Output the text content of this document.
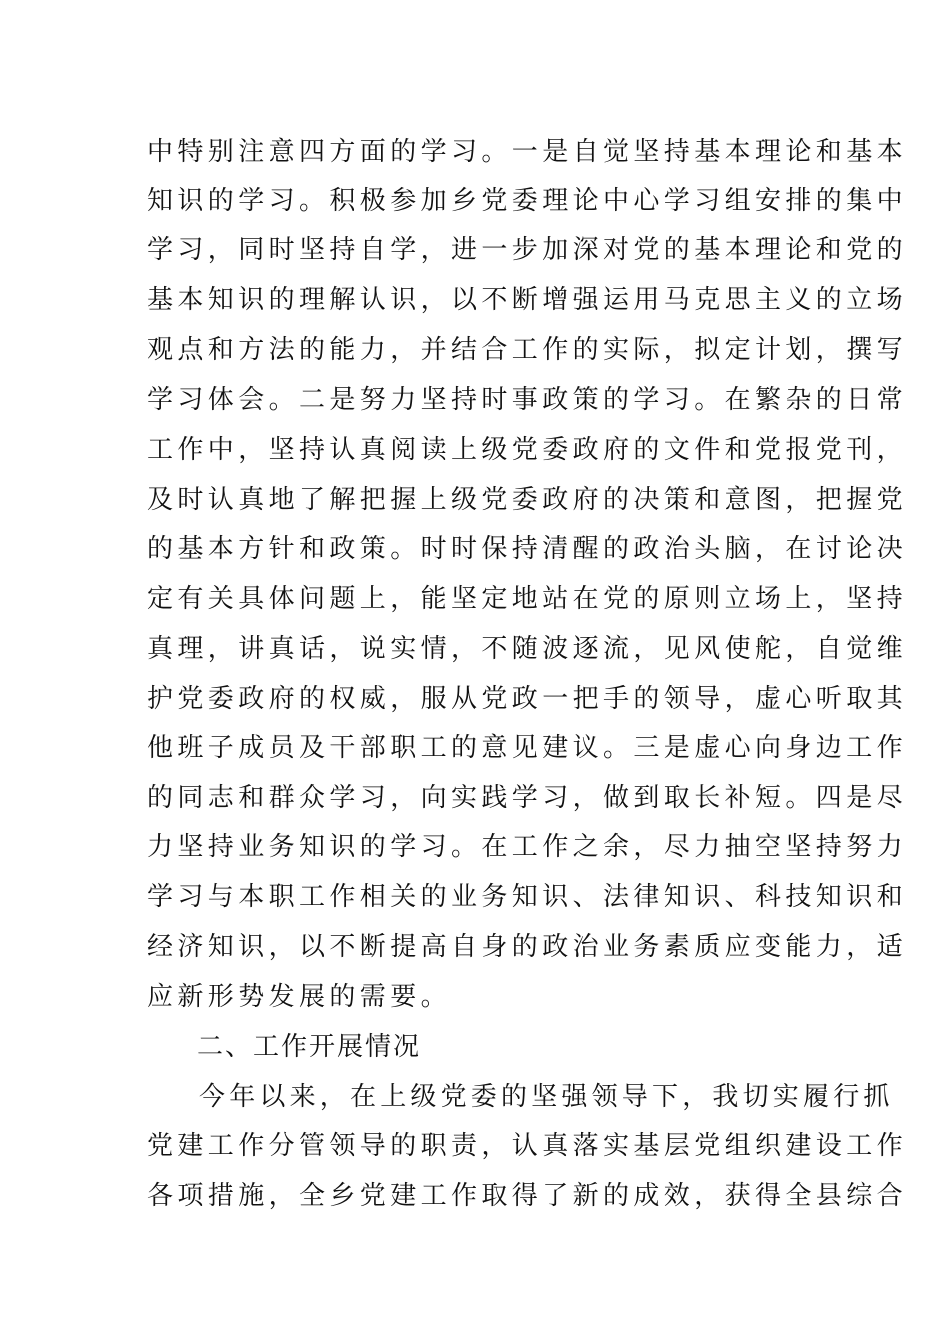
中特别注意四方面的学习。一是自觉坚持基本理论和基本
知识的学习。积极参加乡党委理论中心学习组安排的集中
学习，同时坚持自学，进一步加深对党的基本理论和党的
基本知识的理解认识，以不断增强运用马克思主义的立场
观点和方法的能力，并结合工作的实际，拟定计划，撰写
学习体会。二是努力坚持时事政策的学习。在繁杂的日常
工作中，坚持认真阅读上级党委政府的文件和党报党刊，
及时认真地了解把握上级党委政府的决策和意图，把握党
的基本方针和政策。时时保持清醒的政治头脑，在讨论决
定有关具体问题上，能坚定地站在党的原则立场上，坚持
真理，讲真话，说实情，不随波逐流，见风使舵，自觉维
护党委政府的权威，服从党政一把手的领导，虚心听取其
他班子成员及干部职工的意见建议。三是虚心向身边工作
的同志和群众学习，向实践学习，做到取长补短。四是尽
力坚持业务知识的学习。在工作之余，尽力抽空坚持努力
学习与本职工作相关的业务知识、法律知识、科技知识和
经济知识，以不断提高自身的政治业务素质应变能力，适
应新形势发展的需要。
二、工作开展情况
今年以来，在上级党委的坚强领导下，我切实履行抓
党建工作分管领导的职责，认真落实基层党组织建设工作
各项措施，全乡党建工作取得了新的成效，获得全县综合
